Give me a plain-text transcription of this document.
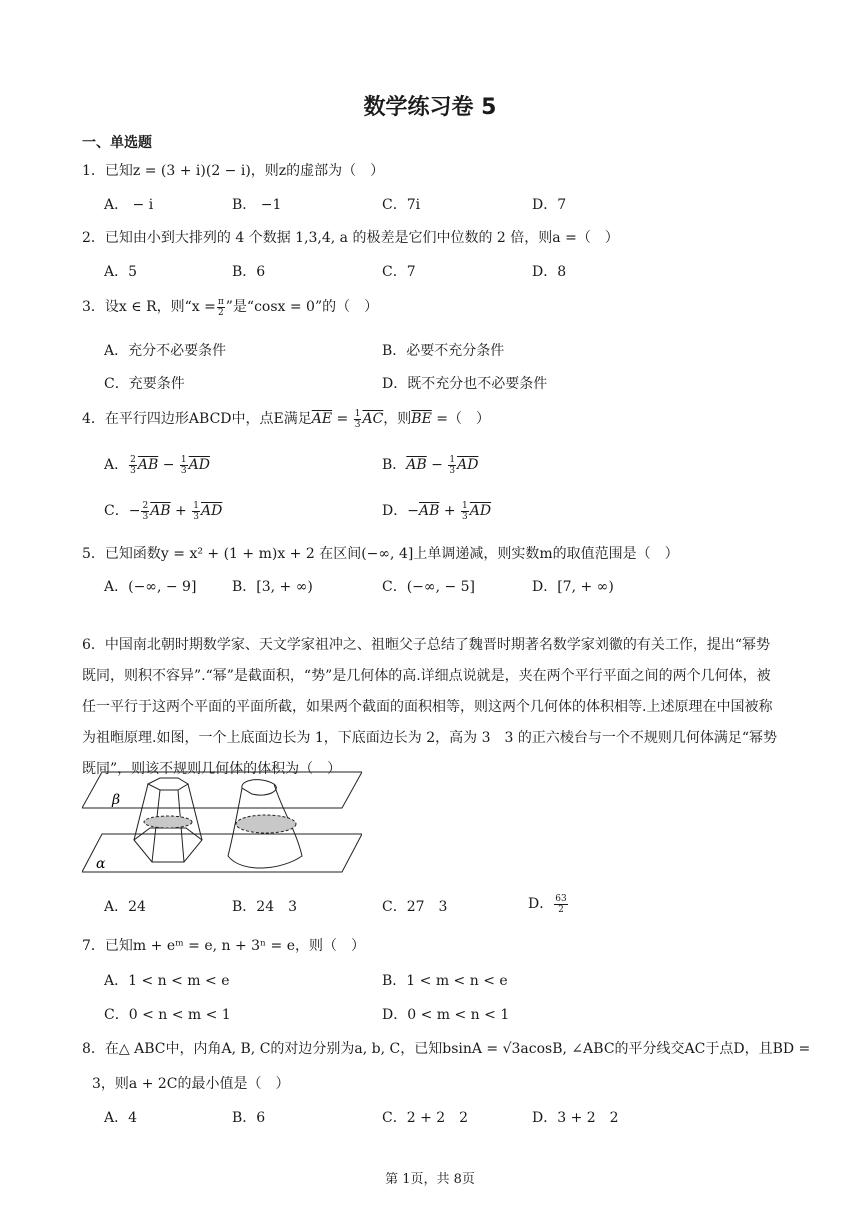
数学练习卷 5
一、单选题
1．已知z = (3 + i)(2 − i)，则z的虚部为（　）
A． − i	B． −1	C．7i	D．7
2．已知由小到大排列的 4 个数据 1,3,4, a 的极差是它们中位数的 2 倍，则a =（　）
A．5	B．6	C．7	D．8
3．设x ∈ R，则“$x = \frac{\pi}{2}$ ”是“cosx = 0”的（　）
A．充分不必要条件	B．必要不充分条件
C．充要条件	D．既不充分也不必要条件
4．在平行四边形ABCD中，点E满足$\overline{AE} = \frac{1}{3} \overline{AC}$，则$\overline{BE}$ =（　）
A． $\frac{2}{3} \overline{AB} - \frac{1}{3} \overline{AD}$	B．$\overline{AB} - \frac{1}{3} \overline{AD}$
C．− $\frac{2}{3} \overline{AB} + \frac{1}{3} \overline{AD}$	D．$-\overline{AB} + \frac{1}{3} \overline{AD}$
5．已知函数y = x² + (1 + m)x + 2 在区间(−∞, 4]上单调递减，则实数m的取值范围是（　）
A．(−∞, − 9]	B．[3, + ∞)	C．(−∞, − 5]	D．[7, + ∞)
6．中国南北朝时期数学家、天文学家祖冲之、祖暅父子总结了魏晋时期著名数学家刘徽的有关工作，提出“幂势既同，则积不容异”.“幂”是截面积，“势”是几何体的高.详细点说就是，夹在两个平行平面之间的两个几何体，被任一平行于这两个平面的平面所截，如果两个截面的面积相等，则这两个几何体的体积相等.上述原理在中国被称为祖暅原理.如图，一个上底面边长为 1，下底面边长为 2，高为 3　3 的正六棱台与一个不规则几何体满足“幂势既同”，则该不规则几何体的体积为（　）
β
α
A．24	B．24　3	C．27　3	D． $\frac{63}{2}$
7．已知m + eᵐ = e, n + 3ⁿ = e，则（　）
A．1 < n < m < e	B．1 < m < n < e
C．0 < n < m < 1	D．0 < m < n < 1
8．在△ ABC中，内角A, B, C的对边分别为a, b, C，已知bsinA = √3acosB, ∠ABC的平分线交AC于点D，且BD =
3，则a + 2C的最小值是（　）
A．4	B．6	C．2 + 2　2	D．3 + 2　2
第 1页，共 8页
